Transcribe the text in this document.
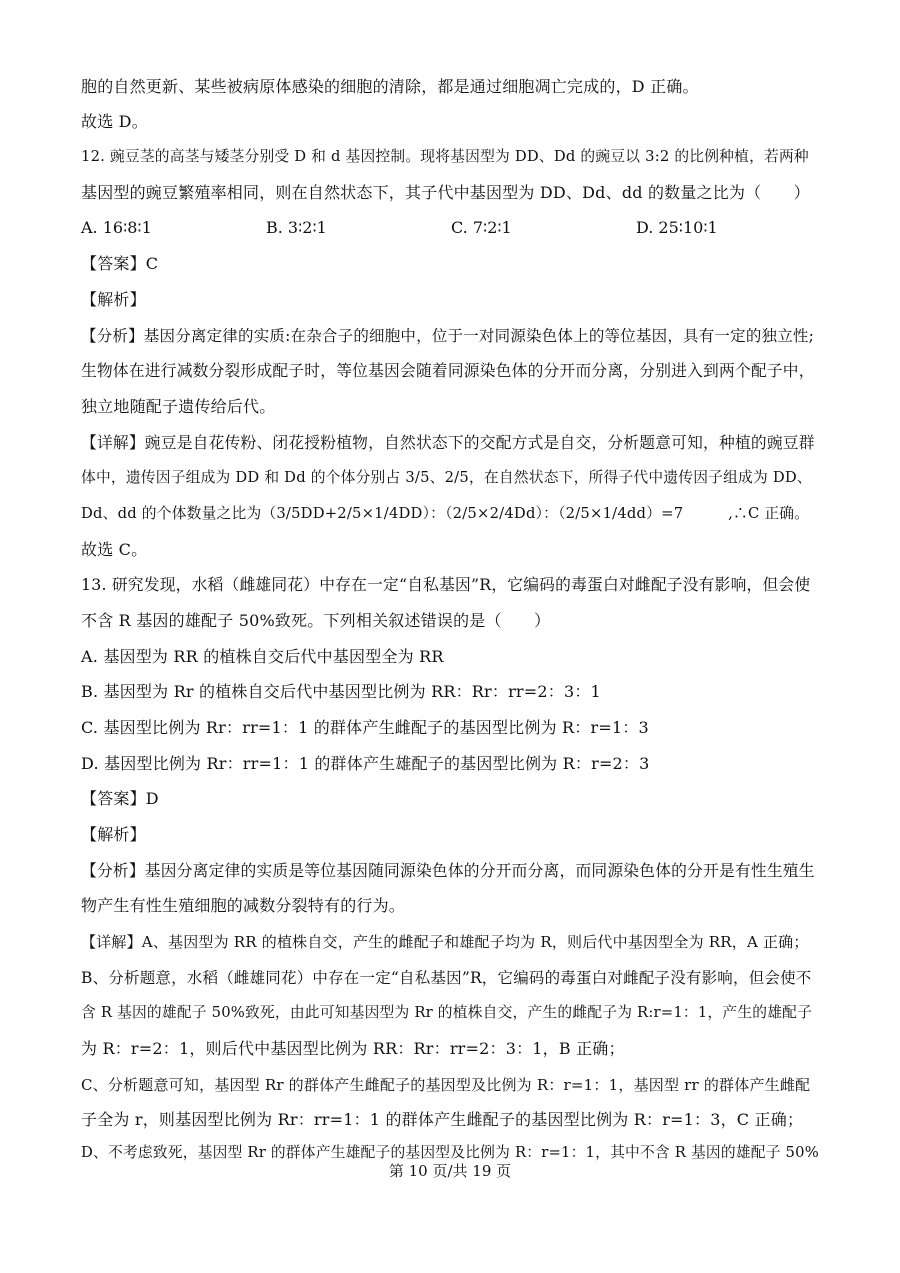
胞的自然更新、某些被病原体感染的细胞的清除，都是通过细胞凋亡完成的，D 正确。
故选 D。
12. 豌豆茎的高茎与矮茎分别受 D 和 d 基因控制。现将基因型为 DD、Dd 的豌豆以 3:2 的比例种植，若两种
基因型的豌豆繁殖率相同，则在自然状态下，其子代中基因型为 DD、Dd、dd 的数量之比为（　　）
A. 16∶8∶1	B. 3∶2∶1	C. 7∶2∶1	D. 25∶10∶1
【答案】C
【解析】
【分析】基因分离定律的实质:在杂合子的细胞中，位于一对同源染色体上的等位基因，具有一定的独立性;
生物体在进行减数分裂形成配子时，等位基因会随着同源染色体的分开而分离，分别进入到两个配子中，
独立地随配子遗传给后代。
【详解】豌豆是自花传粉、闭花授粉植物，自然状态下的交配方式是自交，分析题意可知，种植的豌豆群
体中，遗传因子组成为 DD 和 Dd 的个体分别占 3/5、2/5，在自然状态下，所得子代中遗传因子组成为 DD、
Dd、dd 的个体数量之比为（3/5DD+2/5×1/4DD）：（2/5×2/4Dd）：（2/5×1/4dd）=7　　　,∴C 正确。
故选 C。
13. 研究发现，水稻（雌雄同花）中存在一定“自私基因”R，它编码的毒蛋白对雌配子没有影响，但会使
不含 R 基因的雄配子 50%致死。下列相关叙述错误的是（　　）
A. 基因型为 RR 的植株自交后代中基因型全为 RR
B. 基因型为 Rr 的植株自交后代中基因型比例为 RR：Rr：rr=2：3：1
C. 基因型比例为 Rr：rr=1：1 的群体产生雌配子的基因型比例为 R：r=1：3
D. 基因型比例为 Rr：rr=1：1 的群体产生雄配子的基因型比例为 R：r=2：3
【答案】D
【解析】
【分析】基因分离定律的实质是等位基因随同源染色体的分开而分离，而同源染色体的分开是有性生殖生
物产生有性生殖细胞的减数分裂特有的行为。
【详解】A、基因型为 RR 的植株自交，产生的雌配子和雄配子均为 R，则后代中基因型全为 RR，A 正确；
B、分析题意，水稻（雌雄同花）中存在一定“自私基因”R，它编码的毒蛋白对雌配子没有影响，但会使不
含 R 基因的雄配子 50%致死，由此可知基因型为 Rr 的植株自交，产生的雌配子为 R:r=1：1，产生的雄配子
为 R：r=2：1，则后代中基因型比例为 RR：Rr：rr=2：3：1，B 正确；
C、分析题意可知，基因型 Rr 的群体产生雌配子的基因型及比例为 R：r=1：1，基因型 rr 的群体产生雌配
子全为 r，则基因型比例为 Rr：rr=1：1 的群体产生雌配子的基因型比例为 R：r=1：3，C 正确；
D、不考虑致死，基因型 Rr 的群体产生雄配子的基因型及比例为 R：r=1：1，其中不含 R 基因的雄配子 50%
第 10 页/共 19 页
